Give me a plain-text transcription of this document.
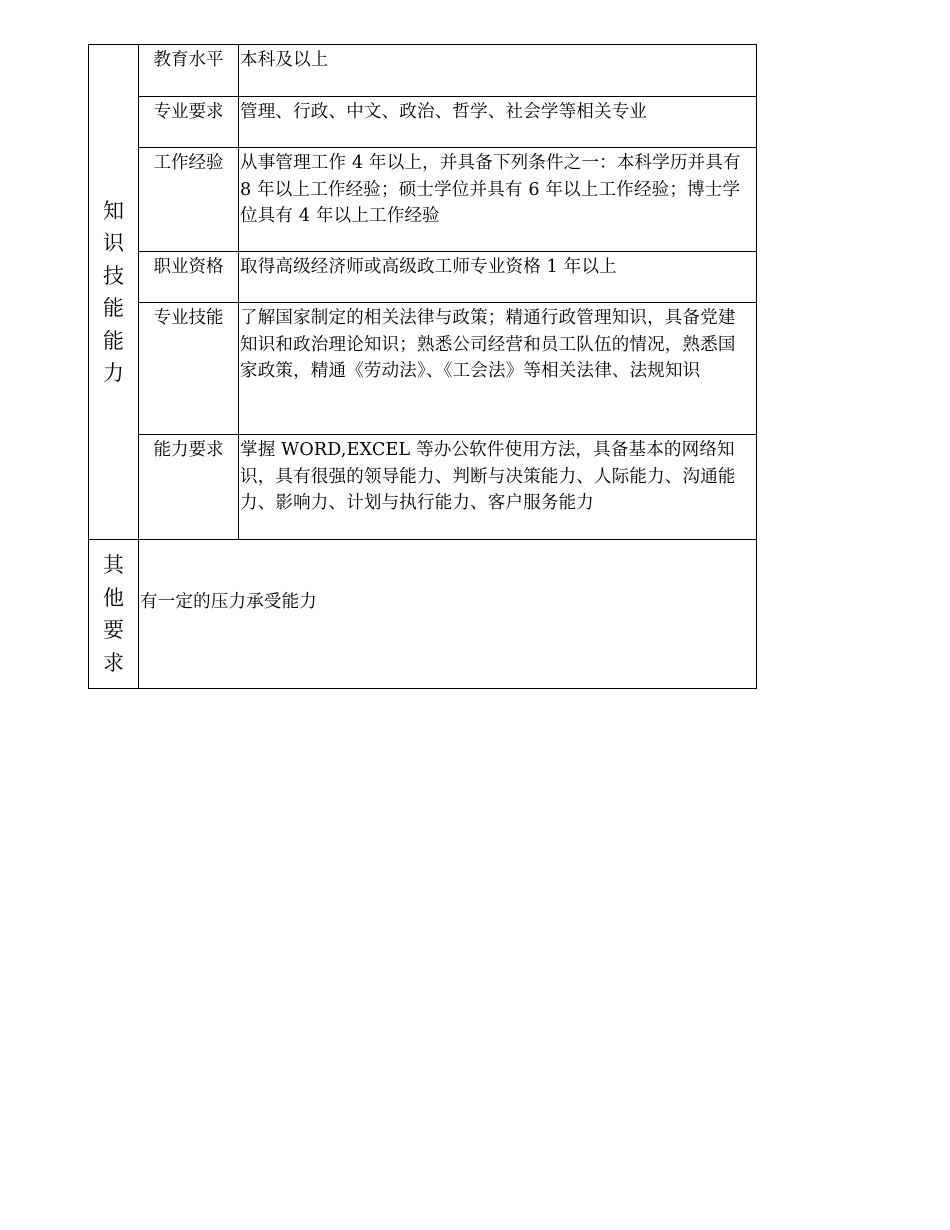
知识技能能力	教育水平	本科及以上
	专业要求	管理、行政、中文、政治、哲学、社会学等相关专业
	工作经验	从事管理工作 4 年以上，并具备下列条件之一：本科学历并具有 8 年以上工作经验；硕士学位并具有 6 年以上工作经验；博士学位具有 4 年以上工作经验
	职业资格	取得高级经济师或高级政工师专业资格 1 年以上
	专业技能	了解国家制定的相关法律与政策；精通行政管理知识，具备党建知识和政治理论知识；熟悉公司经营和员工队伍的情况，熟悉国家政策，精通《劳动法》、《工会法》等相关法律、法规知识
	能力要求	掌握 WORD,EXCEL 等办公软件使用方法，具备基本的网络知识，具有很强的领导能力、判断与决策能力、人际能力、沟通能力、影响力、计划与执行能力、客户服务能力
其他要求	有一定的压力承受能力	
